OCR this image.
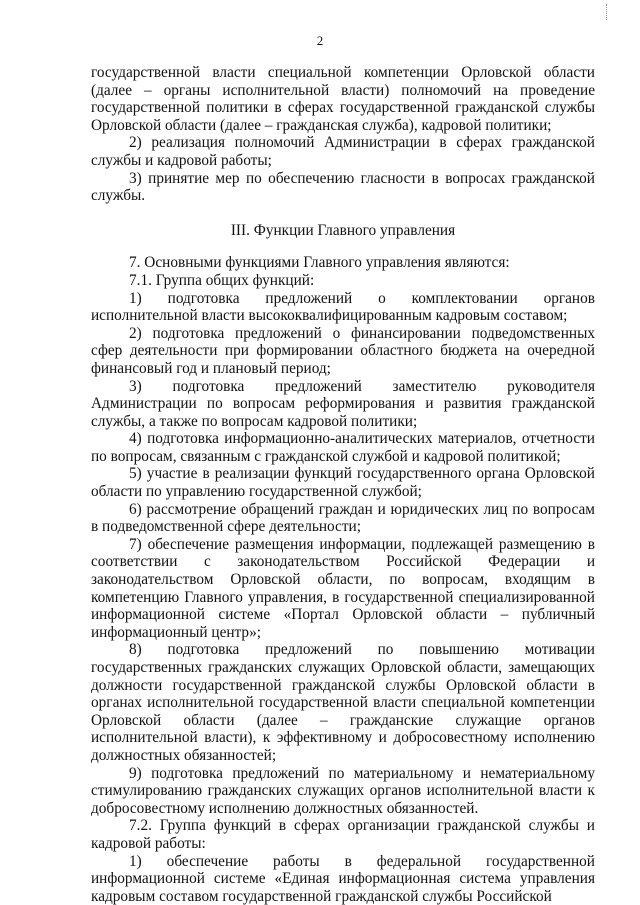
2

государственной власти специальной компетенции Орловской области (далее – органы исполнительной власти) полномочий на проведение государственной политики в сферах государственной гражданской службы Орловской области (далее – гражданская служба), кадровой политики;

2) реализация полномочий Администрации в сферах гражданской службы и кадровой работы;

3) принятие мер по обеспечению гласности в вопросах гражданской службы.

III. Функции Главного управления

7. Основными функциями Главного управления являются:

7.1. Группа общих функций:

1) подготовка предложений о комплектовании органов исполнительной власти высококвалифицированным кадровым составом;

2) подготовка предложений о финансировании подведомственных сфер деятельности при формировании областного бюджета на очередной финансовый год и плановый период;

3) подготовка предложений заместителю руководителя Администрации по вопросам реформирования и развития гражданской службы, а также по вопросам кадровой политики;

4) подготовка информационно-аналитических материалов, отчетности по вопросам, связанным с гражданской службой и кадровой политикой;

5) участие в реализации функций государственного органа Орловской области по управлению государственной службой;

6) рассмотрение обращений граждан и юридических лиц по вопросам в подведомственной сфере деятельности;

7) обеспечение размещения информации, подлежащей размещению в соответствии с законодательством Российской Федерации и законодательством Орловской области, по вопросам, входящим в компетенцию Главного управления, в государственной специализированной информационной системе «Портал Орловской области – публичный информационный центр»;

8) подготовка предложений по повышению мотивации государственных гражданских служащих Орловской области, замещающих должности государственной гражданской службы Орловской области в органах исполнительной государственной власти специальной компетенции Орловской области (далее – гражданские служащие органов исполнительной власти), к эффективному и добросовестному исполнению должностных обязанностей;

9) подготовка предложений по материальному и нематериальному стимулированию гражданских служащих органов исполнительной власти к добросовестному исполнению должностных обязанностей.

7.2. Группа функций в сферах организации гражданской службы и кадровой работы:

1) обеспечение работы в федеральной государственной информационной системе «Единая информационная система управления кадровым составом государственной гражданской службы Российской
